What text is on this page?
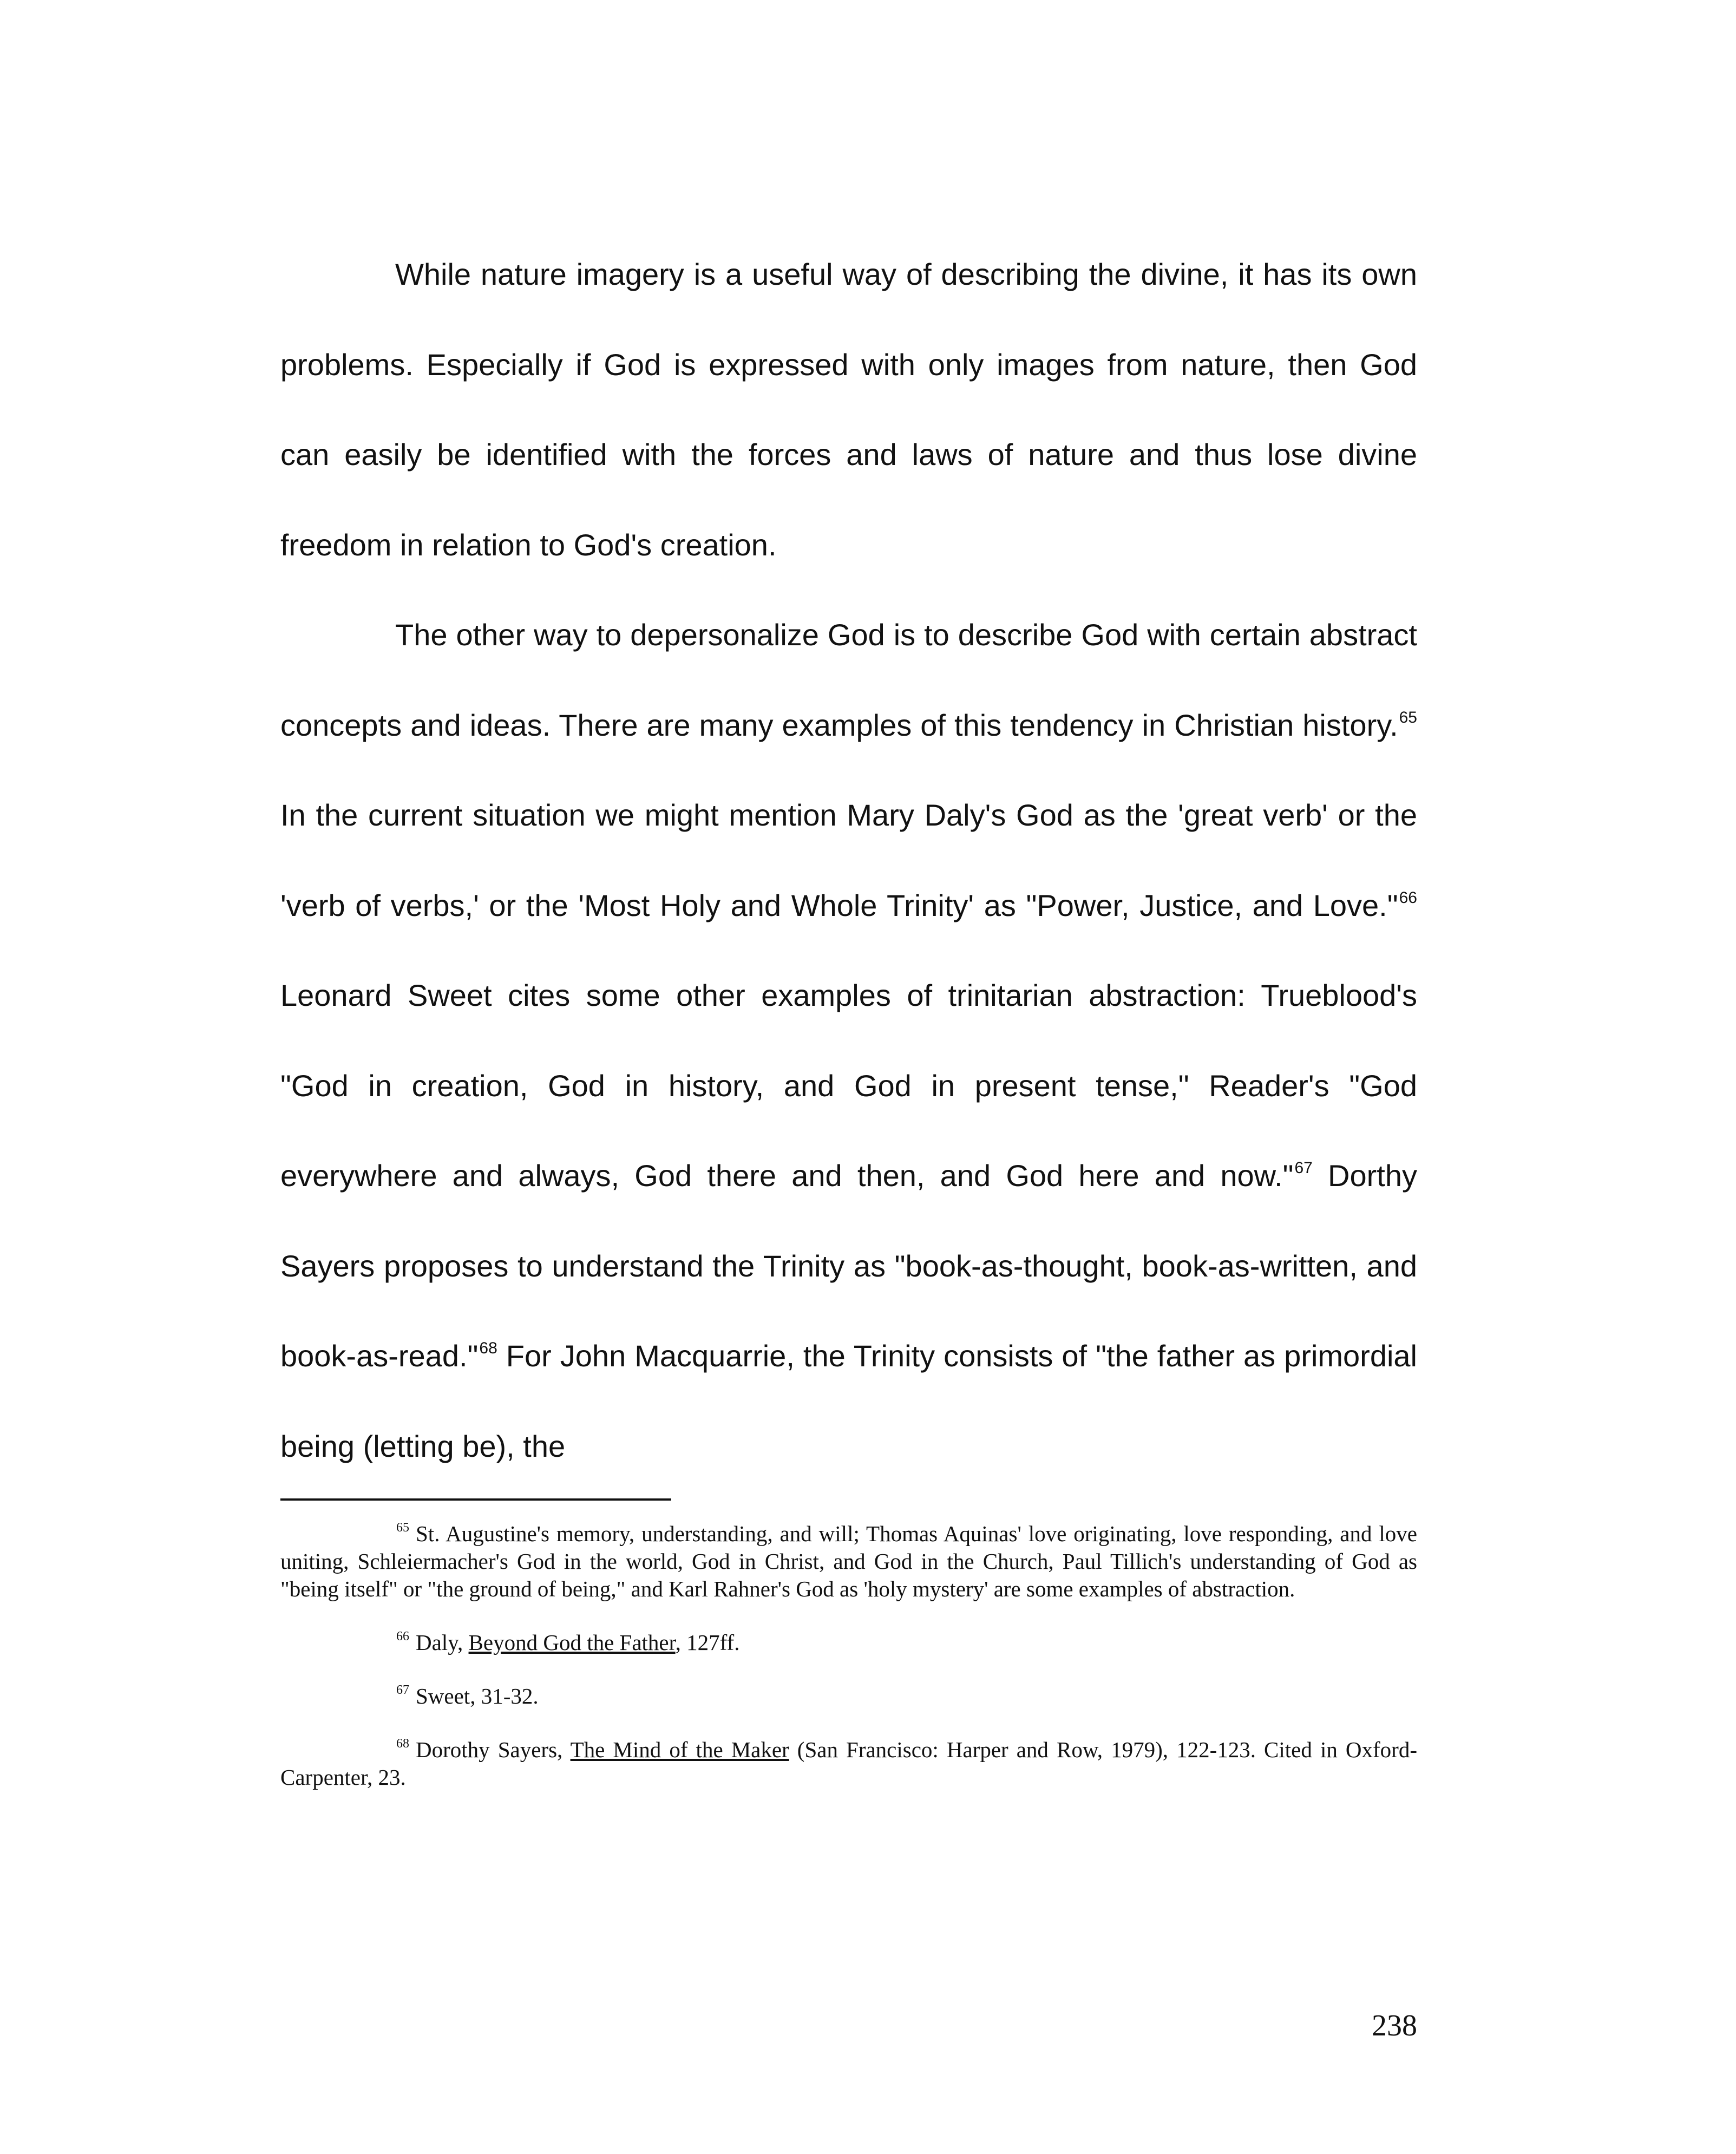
While nature imagery is a useful way of describing the divine, it has its own problems. Especially if God is expressed with only images from nature, then God can easily be identified with the forces and laws of nature and thus lose divine freedom in relation to God's creation.

The other way to depersonalize God is to describe God with certain abstract concepts and ideas. There are many examples of this tendency in Christian history.$^{65}$ In the current situation we might mention Mary Daly's God as the 'great verb' or the 'verb of verbs,' or the 'Most Holy and Whole Trinity' as "Power, Justice, and Love."$^{66}$ Leonard Sweet cites some other examples of trinitarian abstraction: Trueblood's "God in creation, God in history, and God in present tense," Reader's "God everywhere and always, God there and then, and God here and now."$^{67}$ Dorthy Sayers proposes to understand the Trinity as "book-as-thought, book-as-written, and book-as-read."$^{68}$ For John Macquarrie, the Trinity consists of "the father as primordial being (letting be), the

$^{65}$ St. Augustine's memory, understanding, and will; Thomas Aquinas' love originating, love responding, and love uniting, Schleiermacher's God in the world, God in Christ, and God in the Church, Paul Tillich's understanding of God as "being itself" or "the ground of being," and Karl Rahner's God as 'holy mystery' are some examples of abstraction.

$^{66}$ Daly, Beyond God the Father, 127ff.

$^{67}$ Sweet, 31-32.

$^{68}$ Dorothy Sayers, The Mind of the Maker (San Francisco: Harper and Row, 1979), 122-123. Cited in Oxford-Carpenter, 23.

238
